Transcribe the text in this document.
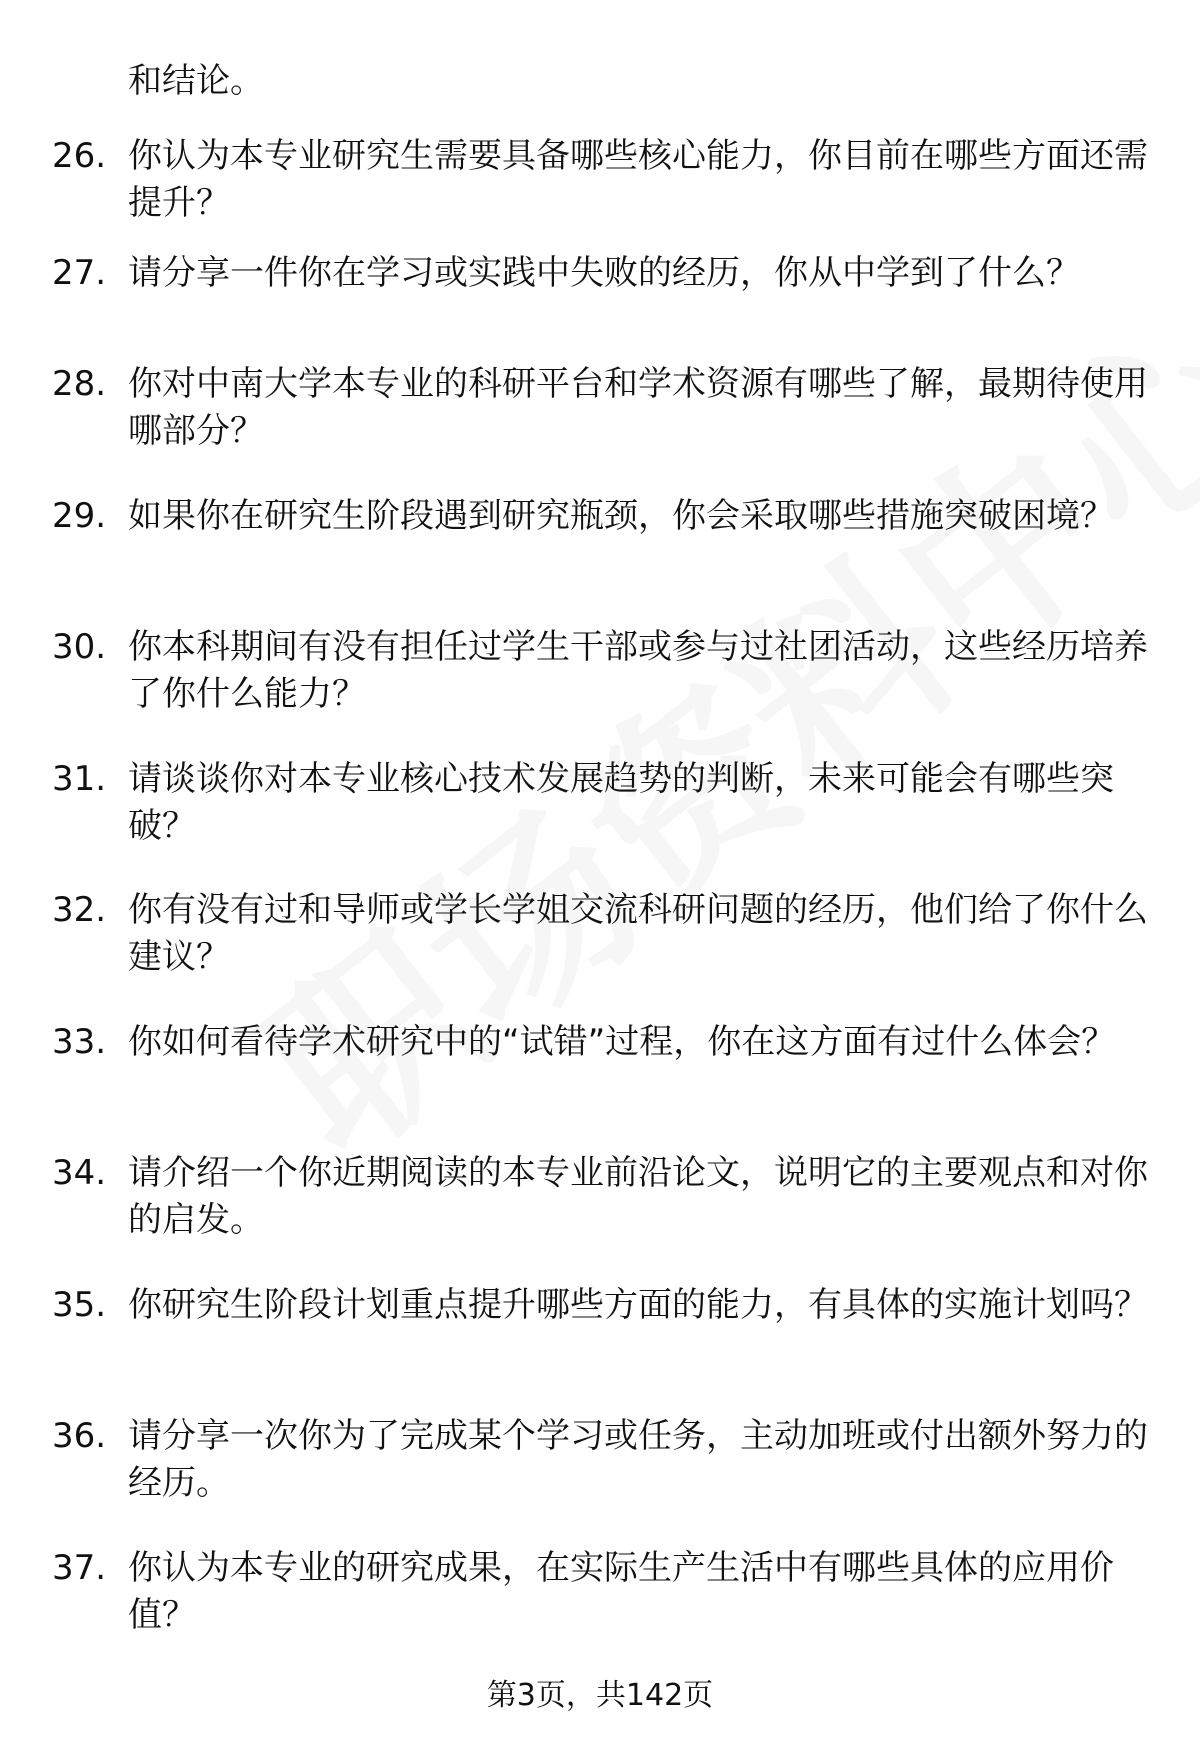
和结论。
26. 你认为本专业研究生需要具备哪些核心能力，你目前在哪些方面还需提升？
27. 请分享一件你在学习或实践中失败的经历，你从中学到了什么？
28. 你对中南大学本专业的科研平台和学术资源有哪些了解，最期待使用哪部分？
29. 如果你在研究生阶段遇到研究瓶颈，你会采取哪些措施突破困境？
30. 你本科期间有没有担任过学生干部或参与过社团活动，这些经历培养了你什么能力？
31. 请谈谈你对本专业核心技术发展趋势的判断，未来可能会有哪些突破？
32. 你有没有过和导师或学长学姐交流科研问题的经历，他们给了你什么建议？
33. 你如何看待学术研究中的“试错”过程，你在这方面有过什么体会？
34. 请介绍一个你近期阅读的本专业前沿论文，说明它的主要观点和对你的启发。
35. 你研究生阶段计划重点提升哪些方面的能力，有具体的实施计划吗？
36. 请分享一次你为了完成某个学习或任务，主动加班或付出额外努力的经历。
37. 你认为本专业的研究成果，在实际生产生活中有哪些具体的应用价值？
第3页，共142页
